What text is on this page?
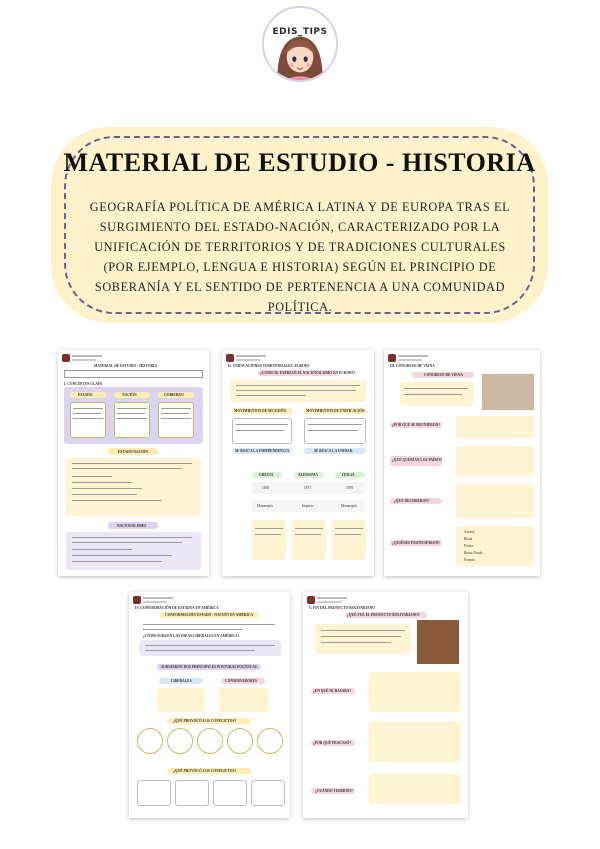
EDIS_TIPS
MATERIAL DE ESTUDIO - HISTORIA

GEOGRAFÍA POLÍTICA DE AMÉRICA LATINA Y DE EUROPA TRAS EL SURGIMIENTO DEL ESTADO-NACIÓN, CARACTERIZADO POR LA UNIFICACIÓN DE TERRITORIOS Y DE TRADICIONES CULTURALES (POR EJEMPLO, LENGUA E HISTORIA) SEGÚN EL PRINCIPIO DE SOBERANÍA Y EL SENTIDO DE PERTENENCIA A UNA COMUNIDAD POLÍTICA.

MATERIAL DE ESTUDIO - HISTORIA
I. CONCEPTOS CLAVE
ESTADO	NACIÓN	GOBIERNO
ESTADO NACIÓN
NACIONALISMO
II. UNIFICACIONES TERRITORIALES: EUROPA
¿CÓMO SE EXPRESÓ EL NACIONALISMO EN EUROPA?
MOVIMIENTOS DE SECESIÓN	MOVIMIENTOS DE UNIFICACIÓN
SE BUSCA LA INDEPENDENCIA	SE BUSCA LA UNIDAD.
GRECIA	ALEMANIA	ITALIA
1830	1871	1870
Monarquía	Imperio	Monarquía
III. CONGRESO DE VIENA
CONGRESO DE VIENA
¿POR QUÉ SE REUNIERON?
¿QUÉ QUERÍAN LOS PAÍSES?
¿QUÉ DECIDIERON?
¿QUIÉNES PARTICIPARON?
Austria
Rusia
Prusia
Reino Unido
Francia
IV. CONFORMACIÓN DE ESTADOS EN AMÉRICA
CONFORMACIÓN ESTADO - NACIÓN EN AMÉRICA
¿CÓMO SURGEN LAS IDEAS LIBERALES EN AMÉRICA?
SURGIERON DOS PRINCIPALES POSTURAS POLÍTICAS
LIBERALES	CONSERVADORES
¿QUÉ PROVOCÓ LOS CONFLICTOS?
¿QUÉ PROVOCÓ LOS CONFLICTOS?
V. FIN DEL PROYECTO BOLIVARIANO
¿QUÉ FUE EL PROYECTO BOLIVARIANO?
¿EN QUÉ SE BASABA?
¿POR QUÉ FRACASÓ?
¿CUÁNDO TERMINÓ?
